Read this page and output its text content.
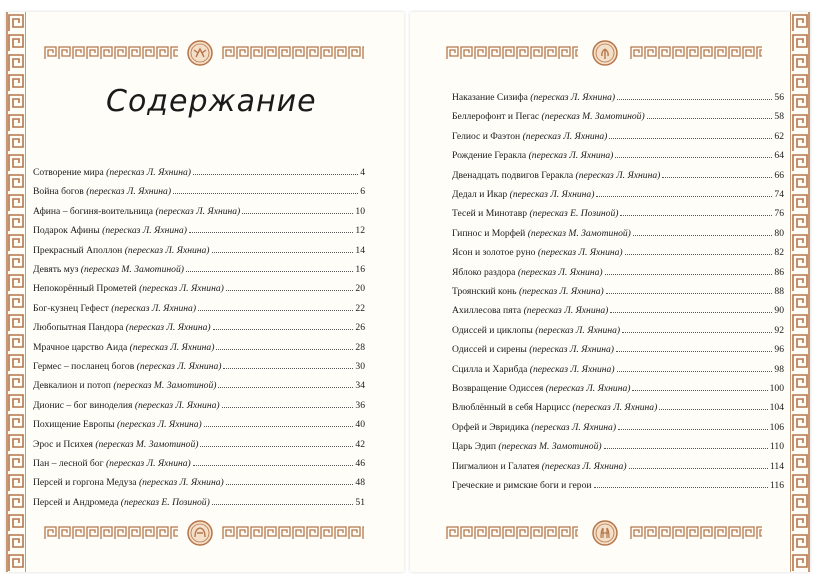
Содержание
Сотворение мира (пересказ Л. Яхнина)	4
Война богов (пересказ Л. Яхнина)	6
Афина – богиня-воительница (пересказ Л. Яхнина)	10
Подарок Афины (пересказ Л. Яхнина)	12
Прекрасный Аполлон (пересказ Л. Яхнина)	14
Девять муз (пересказ М. Замотиной)	16
Непокорённый Прометей (пересказ Л. Яхнина)	20
Бог-кузнец Гефест (пересказ Л. Яхнина)	22
Любопытная Пандора (пересказ Л. Яхнина)	26
Мрачное царство Аида (пересказ Л. Яхнина)	28
Гермес – посланец богов (пересказ Л. Яхнина)	30
Девкалион и потоп (пересказ М. Замотиной)	34
Дионис – бог виноделия (пересказ Л. Яхнина)	36
Похищение Европы (пересказ Л. Яхнина)	40
Эрос и Психея (пересказ М. Замотиной)	42
Пан – лесной бог (пересказ Л. Яхнина)	46
Персей и горгона Медуза (пересказ Л. Яхнина)	48
Персей и Андромеда (пересказ Е. Позиной)	51
Наказание Сизифа (пересказ Л. Яхнина)	56
Беллерофонт и Пегас (пересказ М. Замотиной)	58
Гелиос и Фаэтон (пересказ Л. Яхнина)	62
Рождение Геракла (пересказ Л. Яхнина)	64
Двенадцать подвигов Геракла (пересказ Л. Яхнина)	66
Дедал и Икар (пересказ Л. Яхнина)	74
Тесей и Минотавр (пересказ Е. Позиной)	76
Гипнос и Морфей (пересказ М. Замотиной)	80
Ясон и золотое руно (пересказ Л. Яхнина)	82
Яблоко раздора (пересказ Л. Яхнина)	86
Троянский конь (пересказ Л. Яхнина)	88
Ахиллесова пята (пересказ Л. Яхнина)	90
Одиссей и циклопы (пересказ Л. Яхнина)	92
Одиссей и сирены (пересказ Л. Яхнина)	96
Сцилла и Харибда (пересказ Л. Яхнина)	98
Возвращение Одиссея (пересказ Л. Яхнина)	100
Влюблённый в себя Нарцисс (пересказ Л. Яхнина)	104
Орфей и Эвридика (пересказ Л. Яхнина)	106
Царь Эдип (пересказ М. Замотиной)	110
Пигмалион и Галатея (пересказ Л. Яхнина)	114
Греческие и римские боги и герои	116
